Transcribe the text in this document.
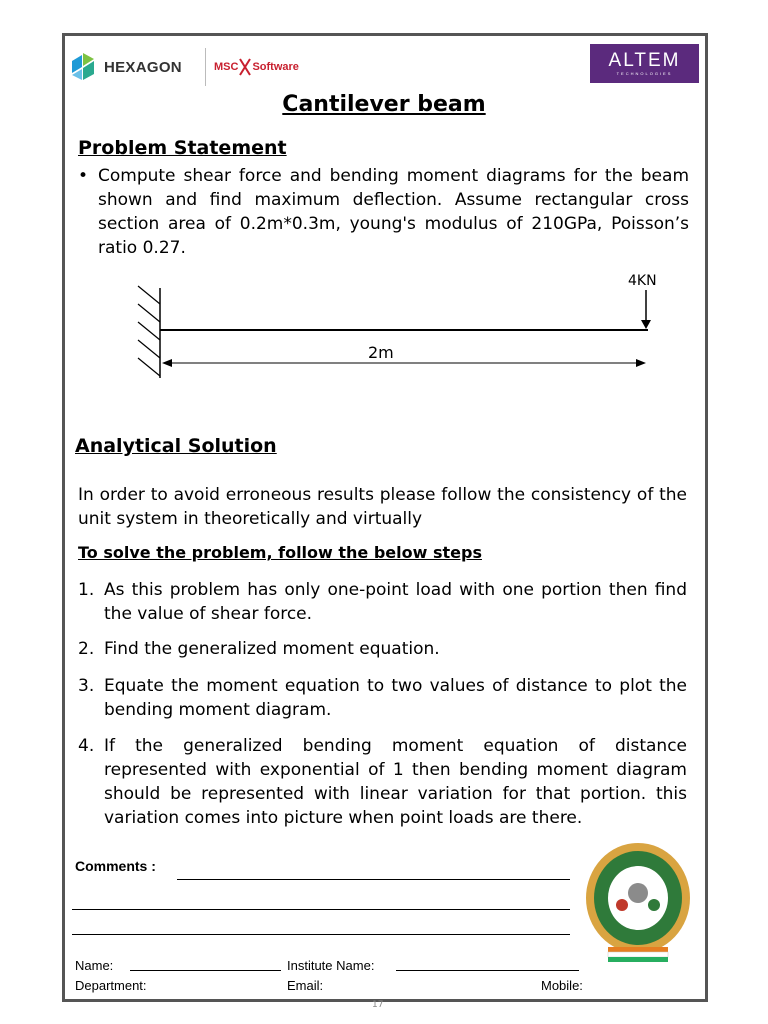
HEXAGON	MSC Software	ALTEM
TECHNOLOGIES
Cantilever beam
Problem Statement
• Compute shear force and bending moment diagrams for the beam shown and find maximum deflection. Assume rectangular cross section area of 0.2m*0.3m, young's modulus of 210GPa, Poisson’s ratio 0.27.
4KN
2m
Analytical Solution
In order to avoid erroneous results please follow the consistency of the unit system in theoretically and virtually
To solve the problem, follow the below steps
1. As this problem has only one-point load with one portion then find the value of shear force.
2. Find the generalized moment equation.
3. Equate the moment equation to two values of distance to plot the bending moment diagram.
4. If the generalized bending moment equation of distance represented with exponential of 1 then bending moment diagram should be represented with linear variation for that portion. this variation comes into picture when point loads are there.
Comments :
Name:	Institute Name:
Department:	Email:	Mobile:
17
